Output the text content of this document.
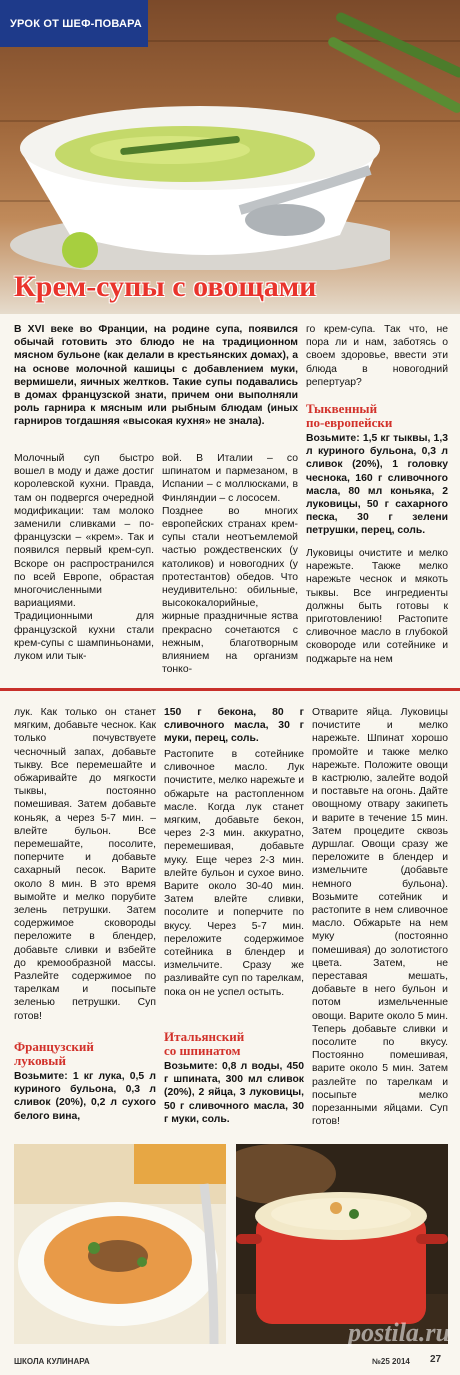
УРОК ОТ ШЕФ-ПОВАРА
Крем-супы с овощами
В XVI веке во Франции, на родине супа, появился обычай готовить это блюдо не на традиционном мясном бульоне (как делали в крестьянских домах), а на основе молочной кашицы с добавлением муки, вермишели, яичных желтков. Такие супы подавались в домах французской знати, причем они выполняли роль гарнира к мясным или рыбным блюдам (иных гарниров тогдашняя «высокая кухня» не знала).
го крем-супа. Так что, не пора ли и нам, заботясь о своем здоровье, ввести эти блюда в новогодний репертуар?
Тыквенный
по-европейски
Возьмите: 1,5 кг тыквы, 1,3 л куриного бульона, 0,3 л сливок (20%), 1 головку чеснока, 160 г сливочного масла, 80 мл коньяка, 2 луковицы, 50 г сахарного песка, 30 г зелени петрушки, перец, соль.
Луковицы очистите и мелко нарежьте. Также мелко нарежьте чеснок и мякоть тыквы. Все ингредиенты должны быть готовы к приготовлению! Растопите сливочное масло в глубокой сковороде или сотейнике и поджарьте на нем
Молочный суп быстро вошел в моду и даже достиг королевской кухни. Правда, там он подвергся очередной модификации: там молоко заменили сливками – по-французски – «крем». Так и появился первый крем-суп. Вскоре он распространился по всей Европе, обрастая многочисленными вариациями. Традиционными для французской кухни стали крем-супы с шампиньонами, луком или тык-
вой. В Италии – со шпинатом и пармезаном, в Испании – с моллюсками, в Финляндии – с лососем.
Позднее во многих европейских странах крем-супы стали неотъемлемой частью рождественских (у католиков) и новогодних (у протестантов) обедов. Что неудивительно: обильные, высококалорийные, жирные праздничные яства прекрасно сочетаются с нежным, благотворным влиянием на организм тонко-
лук. Как только он станет мягким, добавьте чеснок. Как только почувствуете чесночный запах, добавьте тыкву. Все перемешайте и обжаривайте до мягкости тыквы, постоянно помешивая. Затем добавьте коньяк, а через 5-7 мин. – влейте бульон. Все перемешайте, посолите, поперчите и добавьте сахарный песок. Варите около 8 мин. В это время вымойте и мелко порубите зелень петрушки. Затем содержимое сковороды переложите в блендер, добавьте сливки и взбейте до кремообразной массы. Разлейте содержимое по тарелкам и посыпьте зеленью петрушки. Суп готов!
Французский
луковый
Возьмите: 1 кг лука, 0,5 л куриного бульона, 0,3 л сливок (20%), 0,2 л сухого белого вина,
150 г бекона, 80 г сливочного масла, 30 г муки, перец, соль.
Растопите в сотейнике сливочное масло. Лук почистите, мелко нарежьте и обжарьте на растопленном масле. Когда лук станет мягким, добавьте бекон, через 2-3 мин. аккуратно, перемешивая, добавьте муку. Еще через 2-3 мин. влейте бульон и сухое вино. Варите около 30-40 мин. Затем влейте сливки, посолите и поперчите по вкусу. Через 5-7 мин. переложите содержимое сотейника в блендер и измельчите. Сразу же разливайте суп по тарелкам, пока он не успел остыть.
Итальянский
со шпинатом
Возьмите: 0,8 л воды, 450 г шпината, 300 мл сливок (20%), 2 яйца, 3 луковицы, 50 г сливочного масла, 30 г муки, соль.
Отварите яйца. Луковицы почистите и мелко нарежьте. Шпинат хорошо промойте и также мелко нарежьте. Положите овощи в кастрюлю, залейте водой и поставьте на огонь. Дайте овощному отвару закипеть и варите в течение 15 мин. Затем процедите сквозь дуршлаг. Овощи сразу же переложите в блендер и измельчите (добавьте немного бульона). Возьмите сотейник и растопите в нем сливочное масло. Обжарьте на нем муку (постоянно помешивая) до золотистого цвета. Затем, не переставая мешать, добавьте в него бульон и потом измельченные овощи. Варите около 5 мин. Теперь добавьте сливки и посолите по вкусу. Постоянно помешивая, варите около 5 мин. Затем разлейте по тарелкам и посыпьте мелко порезанными яйцами. Суп готов!
postila.ru
ШКОЛА КУЛИНАРА	№25 2014 27
